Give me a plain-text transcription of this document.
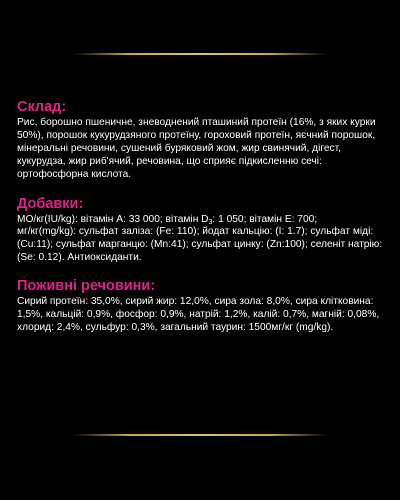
Склад:

Рис, борошно пшеничне, зневоднений пташиний протеїн (16%, з яких курки 50%), порошок кукурудзяного протеїну, гороховий протеїн, яєчний порошок, мінеральні речовини, сушений буряковий жом, жир свинячий, дігест, кукурудза, жир риб'ячий, речовина, що сприяє підкисленню сечі: ортофосфорна кислота.

Добавки:

МО/кг(IU/kg): вітамін А: 33 000; вітамін $D_3$: 1 050; вітамін Е: 700;

мг/кг(mg/kg): сульфат заліза: (Fe: 110); йодат кальцію: (I: 1.7); сульфат міді: (Cu:11); сульфат марганцю: (Mn:41); сульфат цинку: (Zn:100); селеніт натрію: (Se: 0.12). Антиоксиданти.

Поживні речовини:

Сирий протеїн: 35,0%, сирий жир: 12,0%, сира зола: 8,0%, сира клітковина: 1,5%, кальцій: 0,9%, фосфор: 0,9%, натрій: 1,2%, калій: 0,7%, магній: 0,08%, хлорид: 2,4%, сульфур: 0,3%, загальний таурин: 1500мг/кг (mg/kg).
